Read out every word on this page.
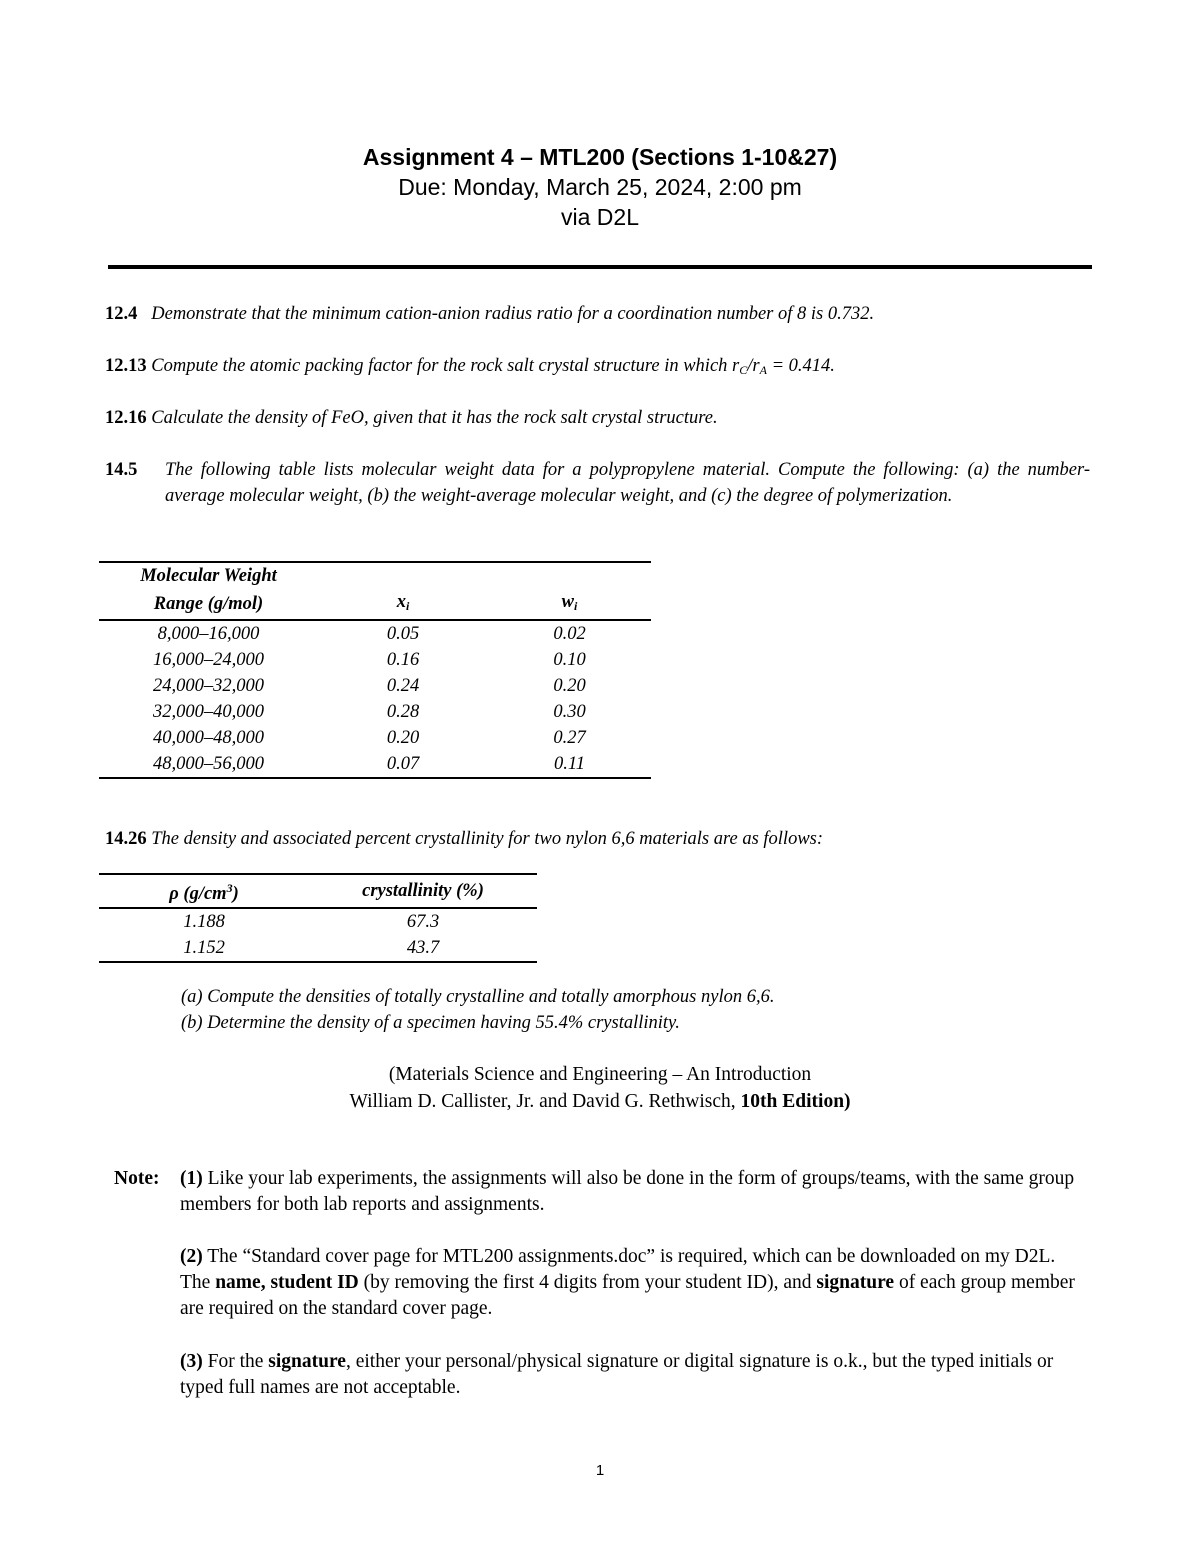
Assignment 4 – MTL200 (Sections 1-10&27)
Due: Monday, March 25, 2024, 2:00 pm
via D2L
12.4 Demonstrate that the minimum cation-anion radius ratio for a coordination number of 8 is 0.732.
12.13 Compute the atomic packing factor for the rock salt crystal structure in which $r_C/r_A = 0.414$.
12.16 Calculate the density of FeO, given that it has the rock salt crystal structure.
14.5 The following table lists molecular weight data for a polypropylene material. Compute the following: (a) the number-average molecular weight, (b) the weight-average molecular weight, and (c) the degree of polymerization.
Molecular Weight		
Range (g/mol)	$x_i$	$w_i$
8,000–16,000	0.05	0.02
16,000–24,000	0.16	0.10
24,000–32,000	0.24	0.20
32,000–40,000	0.28	0.30
40,000–48,000	0.20	0.27
48,000–56,000	0.07	0.11
14.26 The density and associated percent crystallinity for two nylon 6,6 materials are as follows:
ρ $(g/cm^3)$	crystallinity (%)
1.188	67.3
1.152	43.7
(a) Compute the densities of totally crystalline and totally amorphous nylon 6,6.
(b) Determine the density of a specimen having 55.4% crystallinity.
(Materials Science and Engineering – An Introduction
William D. Callister, Jr. and David G. Rethwisch, 10th Edition)
Note: (1) Like your lab experiments, the assignments will also be done in the form of groups/teams, with the same group members for both lab reports and assignments.
(2) The “Standard cover page for MTL200 assignments.doc” is required, which can be downloaded on my D2L. The name, student ID (by removing the first 4 digits from your student ID), and signature of each group member are required on the standard cover page.
(3) For the signature, either your personal/physical signature or digital signature is o.k., but the typed initials or typed full names are not acceptable.
1
